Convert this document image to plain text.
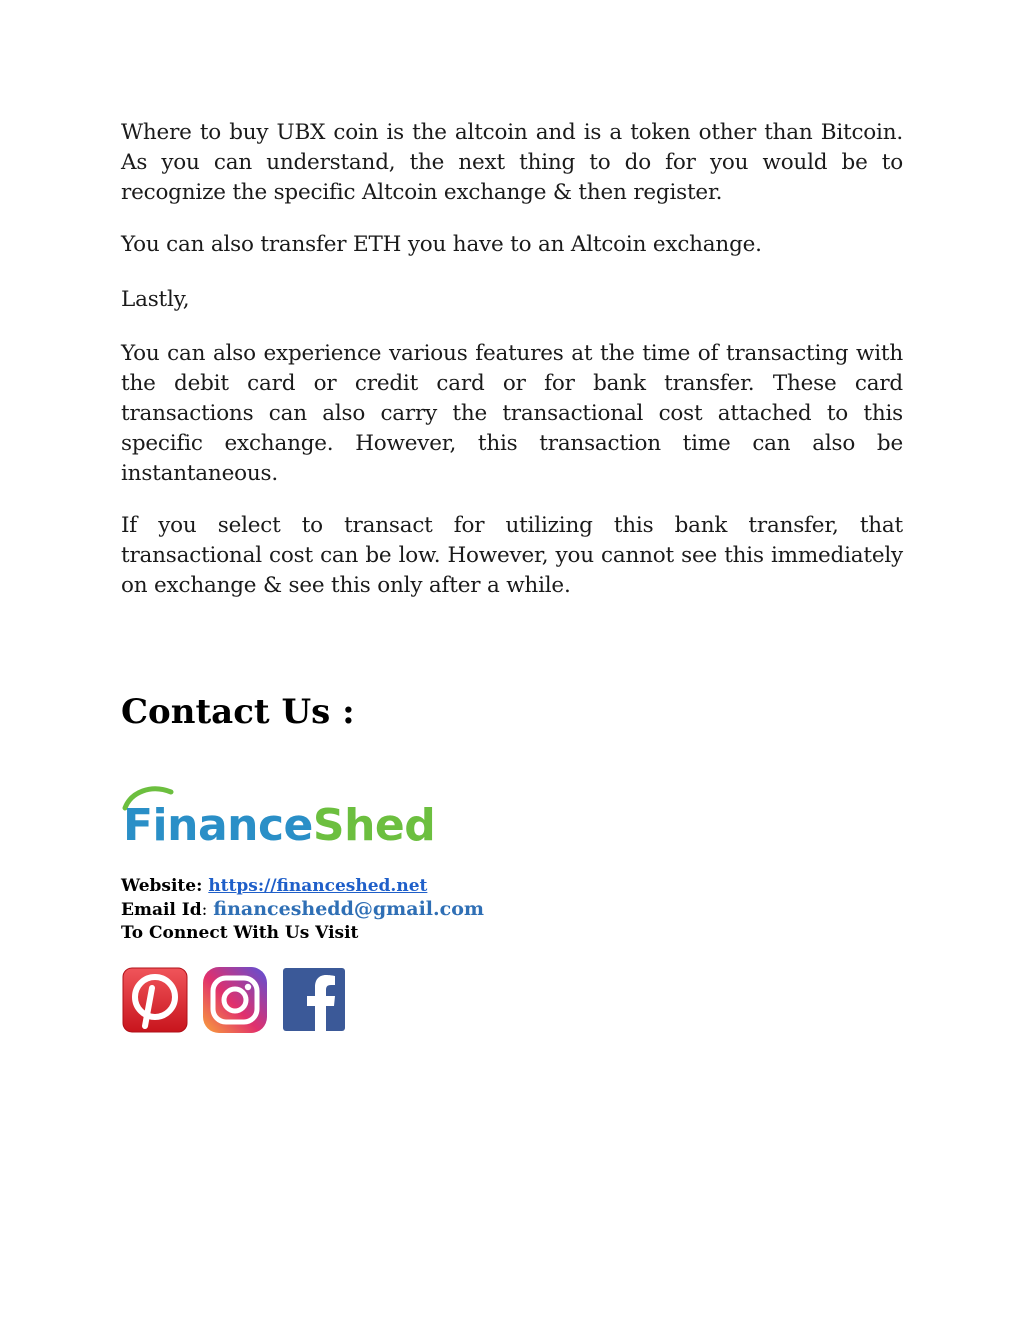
Where to buy UBX coin is the altcoin and is a token other than Bitcoin. As you can understand, the next thing to do for you would be to recognize the specific Altcoin exchange & then register.

You can also transfer ETH you have to an Altcoin exchange.

Lastly,

You can also experience various features at the time of transacting with the debit card or credit card or for bank transfer. These card transactions can also carry the transactional cost attached to this specific exchange. However, this transaction time can also be instantaneous.

If you select to transact for utilizing this bank transfer, that transactional cost can be low. However, you cannot see this immediately on exchange & see this only after a while.

Contact Us :
FinanceShed
Website: https://financeshed.net
Email Id: financeshedd@gmail.com
To Connect With Us Visit
